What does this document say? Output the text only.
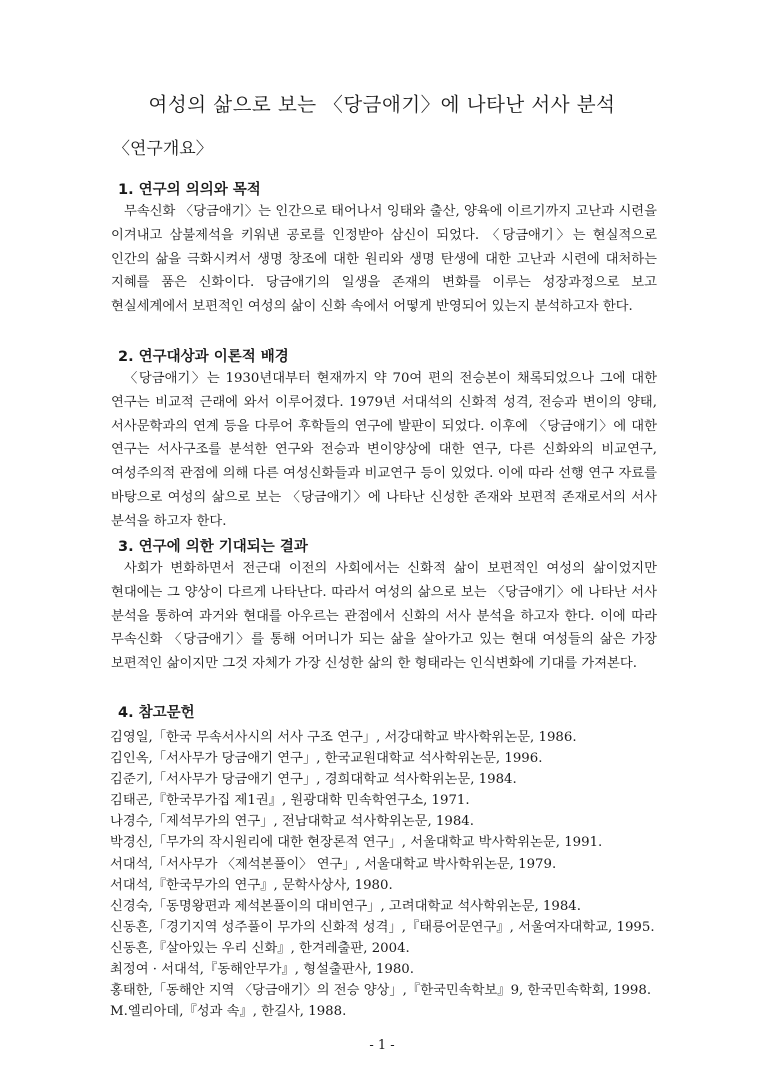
여성의 삶으로 보는 〈당금애기〉에 나타난 서사 분석
〈연구개요〉
1. 연구의 의의와 목적

무속신화 〈당금애기〉는 인간으로 태어나서 잉태와 출산, 양육에 이르기까지 고난과 시련을 이겨내고 삼불제석을 키워낸 공로를 인정받아 삼신이 되었다. 〈당금애기〉는 현실적으로 인간의 삶을 극화시켜서 생명 창조에 대한 원리와 생명 탄생에 대한 고난과 시련에 대처하는 지혜를 품은 신화이다. 당금애기의 일생을 존재의 변화를 이루는 성장과정으로 보고 현실세계에서 보편적인 여성의 삶이 신화 속에서 어떻게 반영되어 있는지 분석하고자 한다.

2. 연구대상과 이론적 배경

〈당금애기〉는 1930년대부터 현재까지 약 70여 편의 전승본이 채록되었으나 그에 대한 연구는 비교적 근래에 와서 이루어졌다. 1979년 서대석의 신화적 성격, 전승과 변이의 양태, 서사문학과의 연계 등을 다루어 후학들의 연구에 발판이 되었다. 이후에 〈당금애기〉에 대한 연구는 서사구조를 분석한 연구와 전승과 변이양상에 대한 연구, 다른 신화와의 비교연구, 여성주의적 관점에 의해 다른 여성신화들과 비교연구 등이 있었다. 이에 따라 선행 연구 자료를 바탕으로 여성의 삶으로 보는 〈당금애기〉에 나타난 신성한 존재와 보편적 존재로서의 서사 분석을 하고자 한다.

3. 연구에 의한 기대되는 결과

사회가 변화하면서 전근대 이전의 사회에서는 신화적 삶이 보편적인 여성의 삶이었지만 현대에는 그 양상이 다르게 나타난다. 따라서 여성의 삶으로 보는 〈당금애기〉에 나타난 서사 분석을 통하여 과거와 현대를 아우르는 관점에서 신화의 서사 분석을 하고자 한다. 이에 따라 무속신화 〈당금애기〉를 통해 어머니가 되는 삶을 살아가고 있는 현대 여성들의 삶은 가장 보편적인 삶이지만 그것 자체가 가장 신성한 삶의 한 형태라는 인식변화에 기대를 가져본다.

4. 참고문헌
김영일,「한국 무속서사시의 서사 구조 연구」, 서강대학교 박사학위논문, 1986.
김인옥,「서사무가 당금애기 연구」, 한국교원대학교 석사학위논문, 1996.
김준기,「서사무가 당금애기 연구」, 경희대학교 석사학위논문, 1984.
김태곤,『한국무가집 제1권』, 원광대학 민속학연구소, 1971.
나경수,「제석무가의 연구」, 전남대학교 석사학위논문, 1984.
박경신,「무가의 작시원리에 대한 현장론적 연구」, 서울대학교 박사학위논문, 1991.
서대석,「서사무가 〈제석본풀이〉 연구」, 서울대학교 박사학위논문, 1979.
서대석,『한국무가의 연구』, 문학사상사, 1980.
신경숙,「동명왕편과 제석본풀이의 대비연구」, 고려대학교 석사학위논문, 1984.
신동흔,「경기지역 성주풀이 무가의 신화적 성격」,『태릉어문연구』, 서울여자대학교, 1995.
신동흔,『살아있는 우리 신화』, 한겨레출판, 2004.
최정여 · 서대석,『동해안무가』, 형설출판사, 1980.
홍태한,「동해안 지역 〈당금애기〉의 전승 양상」,『한국민속학보』9, 한국민속학회, 1998.
M.엘리아데,『성과 속』, 한길사, 1988.
- 1 -
